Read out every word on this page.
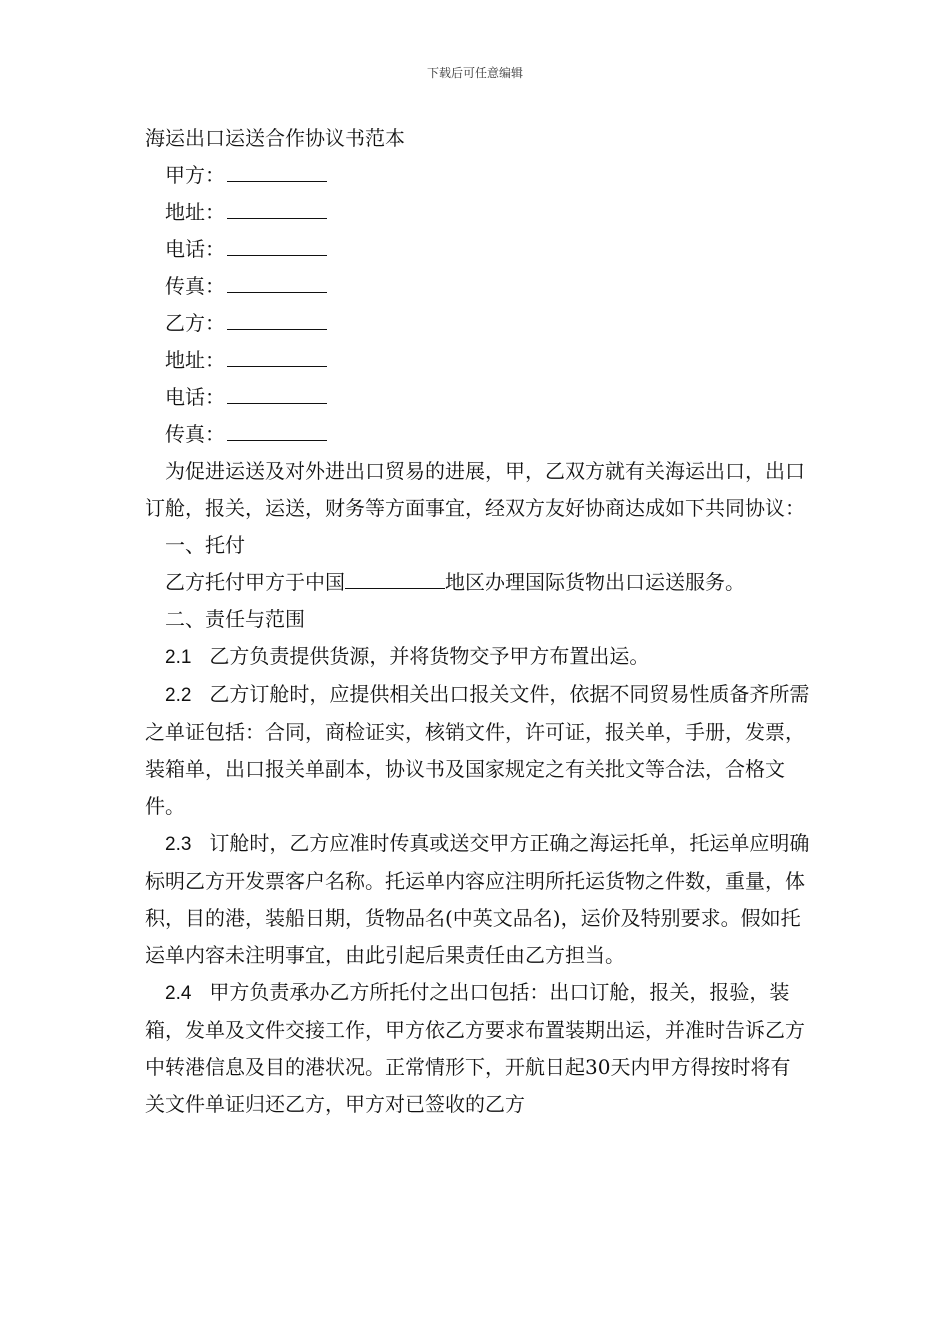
下载后可任意编辑

海运出口运送合作协议书范本

甲方：
地址：
电话：
传真：
乙方：
地址：
电话：
传真：

为促进运送及对外进出口贸易的进展，甲，乙双方就有关海运出口，出口订舱，报关，运送，财务等方面事宜，经双方友好协商达成如下共同协议：

一、托付

乙方托付甲方于中国	地区办理国际货物出口运送服务。

二、责任与范围

2.1 乙方负责提供货源，并将货物交予甲方布置出运。

2.2 乙方订舱时，应提供相关出口报关文件，依据不同贸易性质备齐所需之单证包括：合同，商检证实，核销文件，许可证，报关单，手册，发票，装箱单，出口报关单副本，协议书及国家规定之有关批文等合法，合格文件。

2.3 订舱时，乙方应准时传真或送交甲方正确之海运托单，托运单应明确标明乙方开发票客户名称。托运单内容应注明所托运货物之件数，重量，体积，目的港，装船日期，货物品名(中英文品名)，运价及特别要求。假如托运单内容未注明事宜，由此引起后果责任由乙方担当。

2.4 甲方负责承办乙方所托付之出口包括：出口订舱，报关，报验，装箱，发单及文件交接工作，甲方依乙方要求布置装期出运，并准时告诉乙方中转港信息及目的港状况。正常情形下，开航日起30天内甲方得按时将有关文件单证归还乙方，甲方对已签收的乙方
